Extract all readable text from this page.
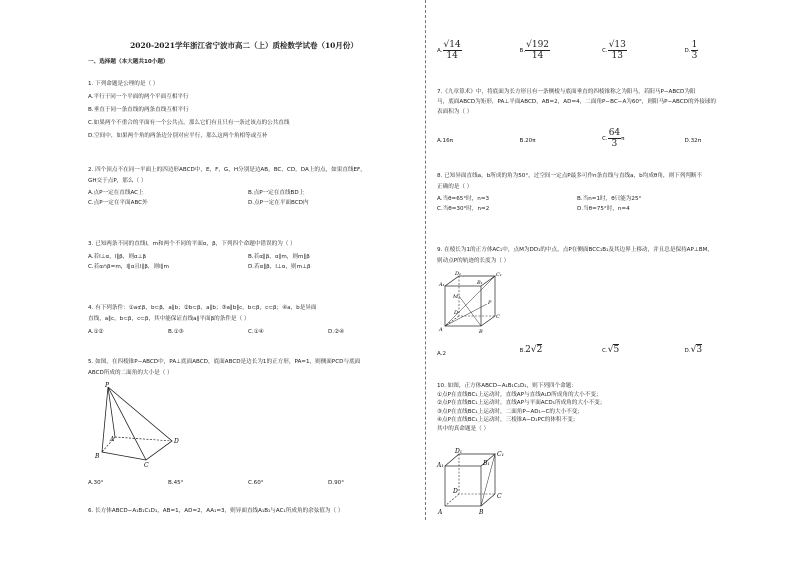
2020-2021学年浙江省宁波市高二（上）质检数学试卷（10月份）
一、选择题（本大题共10小题）

1. 下列命题是公理的是（ ）

A.平行于同一个平面的两个平面互相平行

B.垂直于同一条直线的两条直线互相平行

C.如果两个不重合的平面有一个公共点，那么它们有且只有一条过该点的公共直线

D.空间中，如果两个角的两条边分别对应平行，那么这两个角相等或互补

2. 四个顶点不在同一平面上的四边形ABCD中，E，F，G，H分别是边AB，BC，CD，DA上的点，如果直线EF，

GH交于点P，那么（ ）

A.点P一定在直线AC上	B.点P一定在直线BD上
C.点P一定在平面ABC外	D.点P一定在平面BCD内

3. 已知两条不同的直线l，m和两个不同的平面α，β，下列四个命题中错误的为（ ）

A.若l⊥α，l∥β，则α⊥β	B.若α∥β，α∥m，则m∥β
C.若α∩β=m，l∥α且l∥β，则l∥m	D.若α∥β，l⊥α，则m⊥β

4. 有下列条件：①a⊄β，b⊂β，a∥b；②b⊂β，a∥b；③a∥b∥c，b⊂β，c⊂β；④a，b是异面

直线，a∥c，b⊂β，c⊂β，其中能保证直线a∥平面β的条件是（ ）

A.①②	B.①③	C.①④	D.②④

5. 如图，在四棱锥P−ABCD中，PA⊥底面ABCD，底面ABCD是边长为1的正方形，PA=1，则侧面PCD与底面

ABCD所成的二面角的大小是（ ）

P
A
B
C
D
A.30°	B.45°	C.60°	D.90°

6. 长方体ABCD−A₁B₁C₁D₁，AB=1，AD=2，AA₁=3，则异面直线A₁B₁与AC₁所成角的余弦值为（ ）

A. $\frac{√14}{14}$	B. $\frac{√192}{14}$	C. $\frac{√13}{13}$	D. $\frac{1}{3}$

7.《九章算术》中，将底面为长方形且有一条侧棱与底面垂直的四棱锥称之为阳马，若阳马P−ABCD为阳

马，底面ABCD为矩形，PA⊥平面ABCD，AB=2，AD=4，二面角P−BC−A为60°，则阳马P−ABCD的外接球的

表面积为（ ）

A.16π	B.20π	C. $\frac{64}{3}$ π	D.32π

8. 已知异面直线a，b所成的角为50°，过空间一定点P最多可作n条直线与直线a，b均成θ角，则下列判断不

正确的是（ ）

A.当θ=65°时，n=3	B.当n=1时，θ只能为25°
C.当θ=30°时，n=2	D.当θ=75°时，n=4

9. 在棱长为1的正方体AC₁中，点M为DD₁的中点，点P在侧面BCC₁B₁及其边界上移动，并且总是保持AP⊥BM，

则动点P的轨迹的长度为（ ）

D₁	C₁
A₁	B₁
M
D
A	B
C
P
A.2	B.2√2	C.√5	D.√3

10. 如图，正方体ABCD−A₁B₁C₁D₁，则下列四个命题：

①点P在直线BC₁上运动时，直线AP与直线A₁D所成角的大小不变；

②点P在直线BC₁上运动时，直线AP与平面ACD₁所成角的大小不变；

③点P在直线BC₁上运动时，二面角P−AD₁−C的大小不变；

④点P在直线BC₁上运动时，三棱锥A−D₁PC的体积不变；

其中的真命题是（ ）

D₁	C₁
A₁	B₁
D
C
A	B
